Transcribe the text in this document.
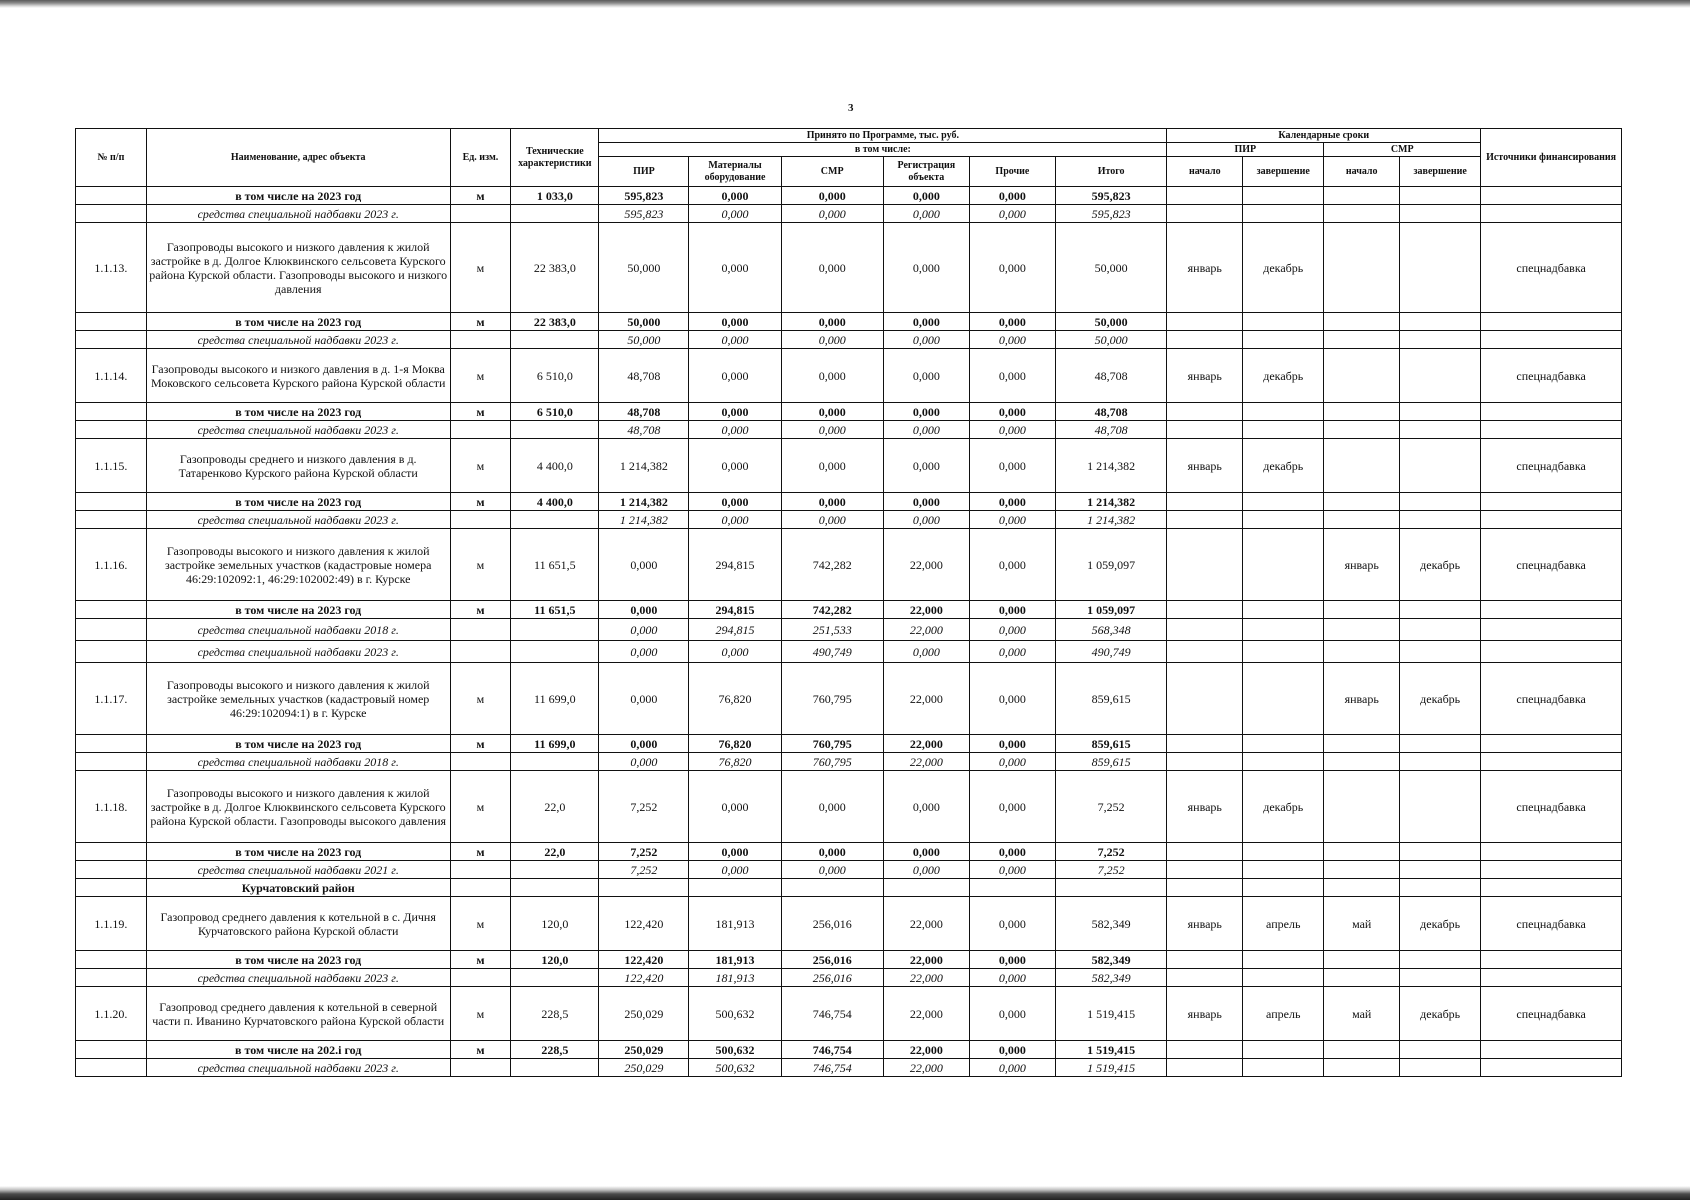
3
№ п/п	Наименование, адрес объекта	Ед. изм.	Технические характеристики	Принято по Программе, тыс. руб.						Календарные сроки				Источники финансирования
				в том числе:						ПИР		СМР		
				ПИР	Материалы оборудование	СМР	Регистрация объекта	Прочие	Итого	начало	завершение	начало	завершение	
	в том числе на 2023 год	м	1 033,0	595,823	0,000	0,000	0,000	0,000	595,823					
	средства специальной надбавки 2023 г.			595,823	0,000	0,000	0,000	0,000	595,823					
1.1.13.	Газопроводы высокого и низкого давления к жилой застройке в д. Долгое Клюквинского сельсовета Курского района Курской области. Газопроводы высокого и низкого давления	м	22 383,0	50,000	0,000	0,000	0,000	0,000	50,000	январь	декабрь			спецнадбавка
	в том числе на 2023 год	м	22 383,0	50,000	0,000	0,000	0,000	0,000	50,000					
	средства специальной надбавки 2023 г.			50,000	0,000	0,000	0,000	0,000	50,000					
1.1.14.	Газопроводы высокого и низкого давления в д. 1-я Моква Моковского сельсовета Курского района Курской области	м	6 510,0	48,708	0,000	0,000	0,000	0,000	48,708	январь	декабрь			спецнадбавка
	в том числе на 2023 год	м	6 510,0	48,708	0,000	0,000	0,000	0,000	48,708					
	средства специальной надбавки 2023 г.			48,708	0,000	0,000	0,000	0,000	48,708					
1.1.15.	Газопроводы среднего и низкого давления в д. Татаренково Курского района Курской области	м	4 400,0	1 214,382	0,000	0,000	0,000	0,000	1 214,382	январь	декабрь			спецнадбавка
	в том числе на 2023 год	м	4 400,0	1 214,382	0,000	0,000	0,000	0,000	1 214,382					
	средства специальной надбавки 2023 г.			1 214,382	0,000	0,000	0,000	0,000	1 214,382					
1.1.16.	Газопроводы высокого и низкого давления к жилой застройке земельных участков (кадастровые номера 46:29:102092:1, 46:29:102002:49) в г. Курске	м	11 651,5	0,000	294,815	742,282	22,000	0,000	1 059,097			январь	декабрь	спецнадбавка
	в том числе на 2023 год	м	11 651,5	0,000	294,815	742,282	22,000	0,000	1 059,097					
	средства специальной надбавки 2018 г.			0,000	294,815	251,533	22,000	0,000	568,348					
	средства специальной надбавки 2023 г.			0,000	0,000	490,749	0,000	0,000	490,749					
1.1.17.	Газопроводы высокого и низкого давления к жилой застройке земельных участков (кадастровый номер 46:29:102094:1) в г. Курске	м	11 699,0	0,000	76,820	760,795	22,000	0,000	859,615			январь	декабрь	спецнадбавка
	в том числе на 2023 год	м	11 699,0	0,000	76,820	760,795	22,000	0,000	859,615					
	средства специальной надбавки 2018 г.			0,000	76,820	760,795	22,000	0,000	859,615					
1.1.18.	Газопроводы высокого и низкого давления к жилой застройке в д. Долгое Клюквинского сельсовета Курского района Курской области. Газопроводы высокого давления	м	22,0	7,252	0,000	0,000	0,000	0,000	7,252	январь	декабрь			спецнадбавка
	в том числе на 2023 год	м	22,0	7,252	0,000	0,000	0,000	0,000	7,252					
	средства специальной надбавки 2021 г.			7,252	0,000	0,000	0,000	0,000	7,252					
	Курчатовский район													
1.1.19.	Газопровод среднего давления к котельной в с. Дичня Курчатовского района Курской области	м	120,0	122,420	181,913	256,016	22,000	0,000	582,349	январь	апрель	май	декабрь	спецнадбавка
	в том числе на 2023 год	м	120,0	122,420	181,913	256,016	22,000	0,000	582,349					
	средства специальной надбавки 2023 г.			122,420	181,913	256,016	22,000	0,000	582,349					
1.1.20.	Газопровод среднего давления к котельной в северной части п. Иванино Курчатовского района Курской области	м	228,5	250,029	500,632	746,754	22,000	0,000	1 519,415	январь	апрель	май	декабрь	спецнадбавка
	в том числе на 202.і год	м	228,5	250,029	500,632	746,754	22,000	0,000	1 519,415					
	средства специальной надбавки 2023 г.			250,029	500,632	746,754	22,000	0,000	1 519,415					
